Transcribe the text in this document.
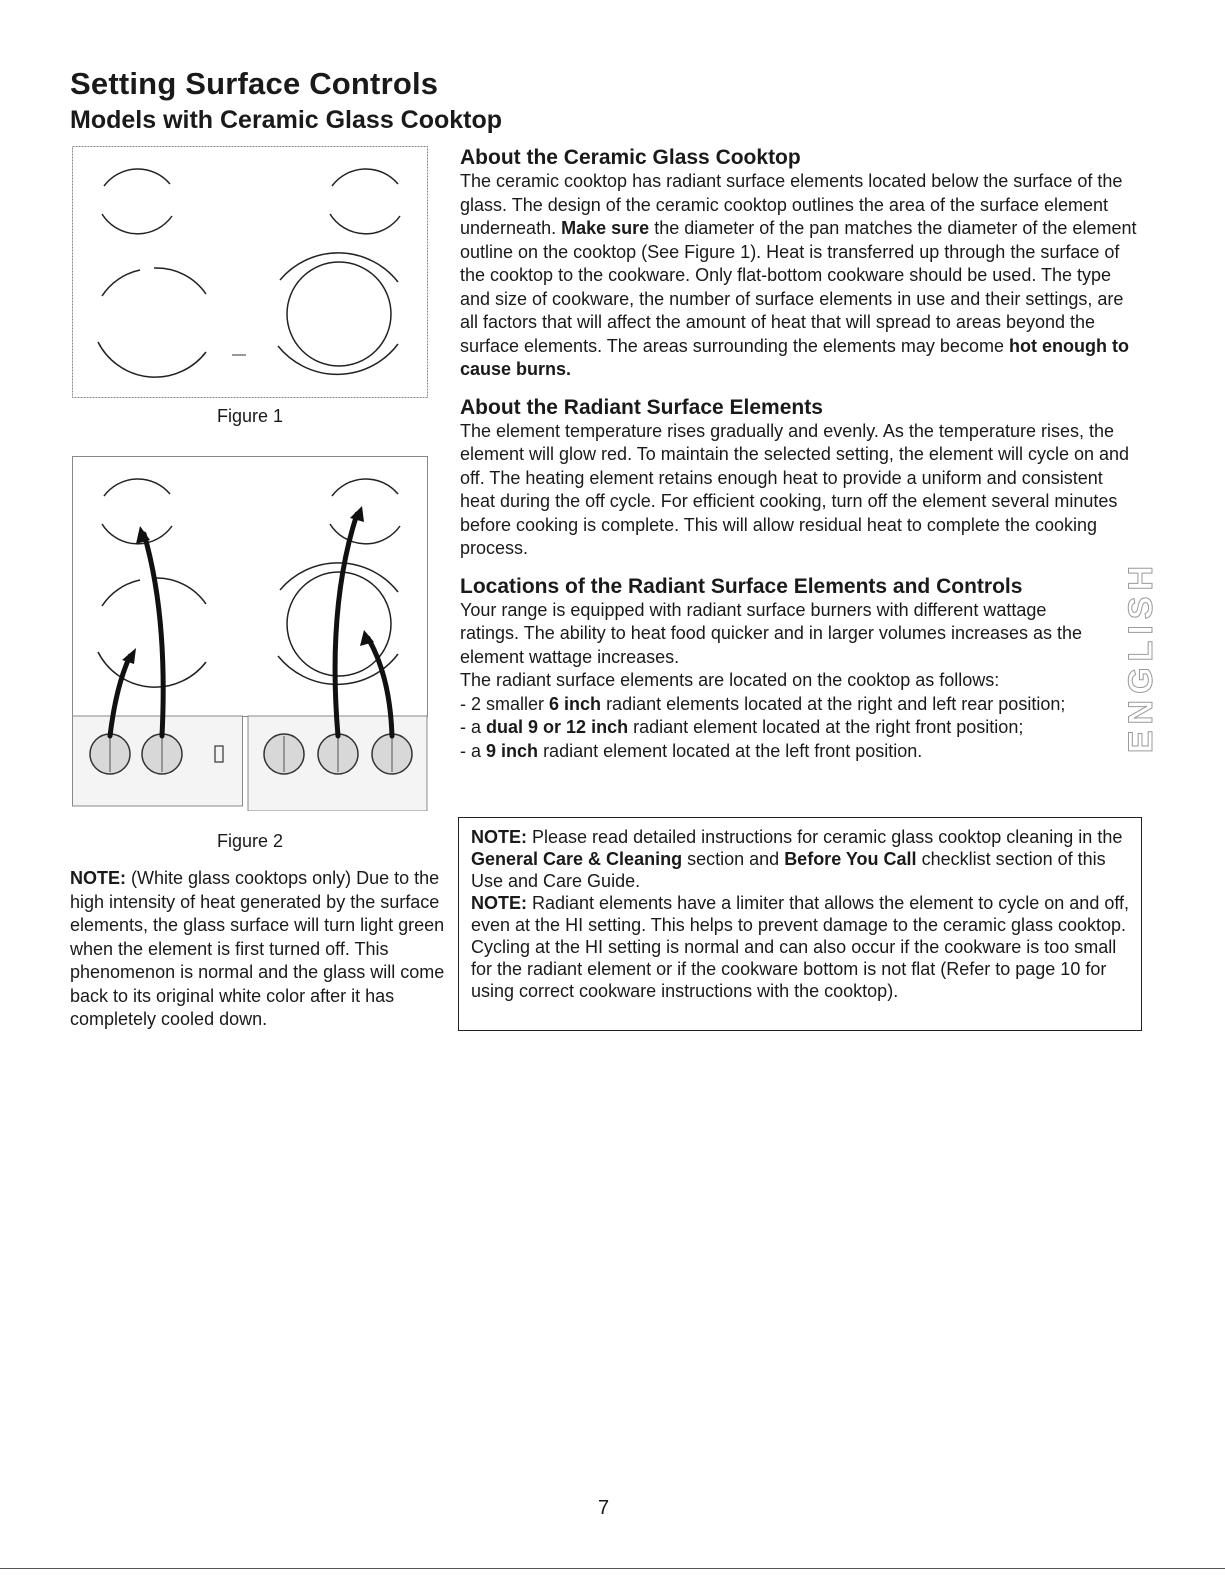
Setting Surface Controls
Models with Ceramic Glass Cooktop
Figure 1
Figure 2
NOTE: (White glass cooktops only) Due to the high intensity of heat generated by the surface elements, the glass surface will turn light green when the element is first turned off. This phenomenon is normal and the glass will come back to its original white color after it has completely cooled down.
About the Ceramic Glass Cooktop

The ceramic cooktop has radiant surface elements located below the surface of the glass. The design of the ceramic cooktop outlines the area of the surface element underneath. Make sure the diameter of the pan matches the diameter of the element outline on the cooktop (See Figure 1). Heat is transferred up through the surface of the cooktop to the cookware. Only flat-bottom cookware should be used. The type and size of cookware, the number of surface elements in use and their settings, are all factors that will affect the amount of heat that will spread to areas beyond the surface elements. The areas surrounding the elements may become hot enough to cause burns.

About the Radiant Surface Elements

The element temperature rises gradually and evenly. As the temperature rises, the element will glow red. To maintain the selected setting, the element will cycle on and off. The heating element retains enough heat to provide a uniform and consistent heat during the off cycle. For efficient cooking, turn off the element several minutes before cooking is complete. This will allow residual heat to complete the cooking process.

Locations of the Radiant Surface Elements and Controls

Your range is equipped with radiant surface burners with different wattage ratings. The ability to heat food quicker and in larger volumes increases as the element wattage increases.

The radiant surface elements are located on the cooktop as follows:

- 2 smaller 6 inch radiant elements located at the right and left rear position;
- a dual 9 or 12 inch radiant element located at the right front position;
- a 9 inch radiant element located at the left front position.

NOTE: Please read detailed instructions for ceramic glass cooktop cleaning in the General Care & Cleaning section and Before You Call checklist section of this Use and Care Guide.

NOTE: Radiant elements have a limiter that allows the element to cycle on and off, even at the HI setting. This helps to prevent damage to the ceramic glass cooktop. Cycling at the HI setting is normal and can also occur if the cookware is too small for the radiant element or if the cookware bottom is not flat (Refer to page 10 for using correct cookware instructions with the cooktop).

ENGLISH
7
